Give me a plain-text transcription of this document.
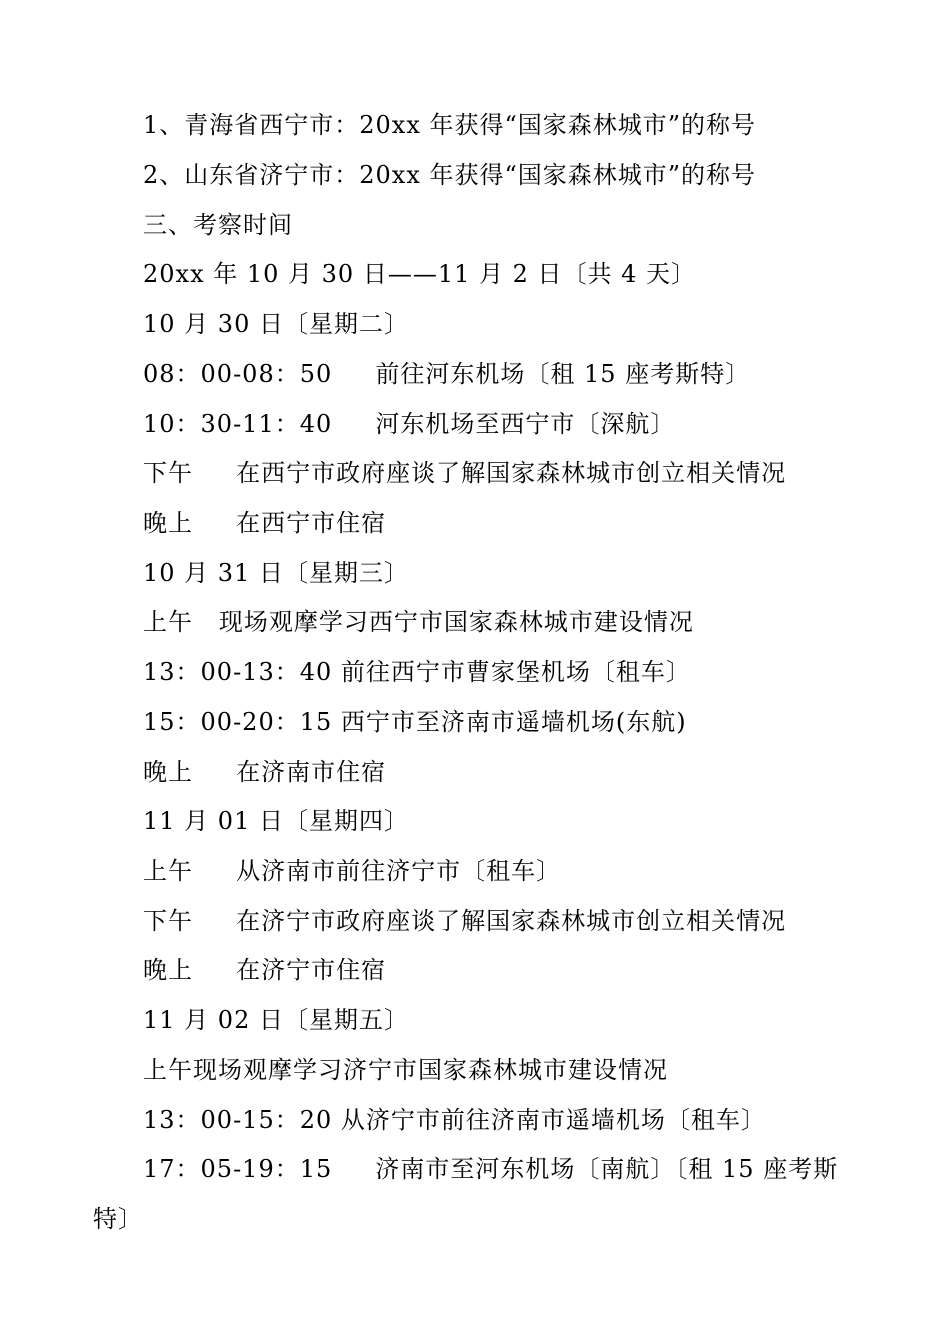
1、青海省西宁市：20xx 年获得“国家森林城市”的称号
2、山东省济宁市：20xx 年获得“国家森林城市”的称号
三、考察时间
20xx 年 10 月 30 日——11 月 2 日〔共 4 天〕
10 月 30 日〔星期二〕
08：00-08：50     前往河东机场〔租 15 座考斯特〕
10：30-11：40     河东机场至西宁市〔深航〕
下午     在西宁市政府座谈了解国家森林城市创立相关情况
晚上     在西宁市住宿
10 月 31 日〔星期三〕
上午   现场观摩学习西宁市国家森林城市建设情况
13：00-13：40 前往西宁市曹家堡机场〔租车〕
15：00-20：15 西宁市至济南市遥墙机场(东航)
晚上     在济南市住宿
11 月 01 日〔星期四〕
上午     从济南市前往济宁市〔租车〕
下午     在济宁市政府座谈了解国家森林城市创立相关情况
晚上     在济宁市住宿
11 月 02 日〔星期五〕
上午现场观摩学习济宁市国家森林城市建设情况
13：00-15：20 从济宁市前往济南市遥墙机场〔租车〕
17：05-19：15     济南市至河东机场〔南航〕〔租 15 座考斯
特〕
